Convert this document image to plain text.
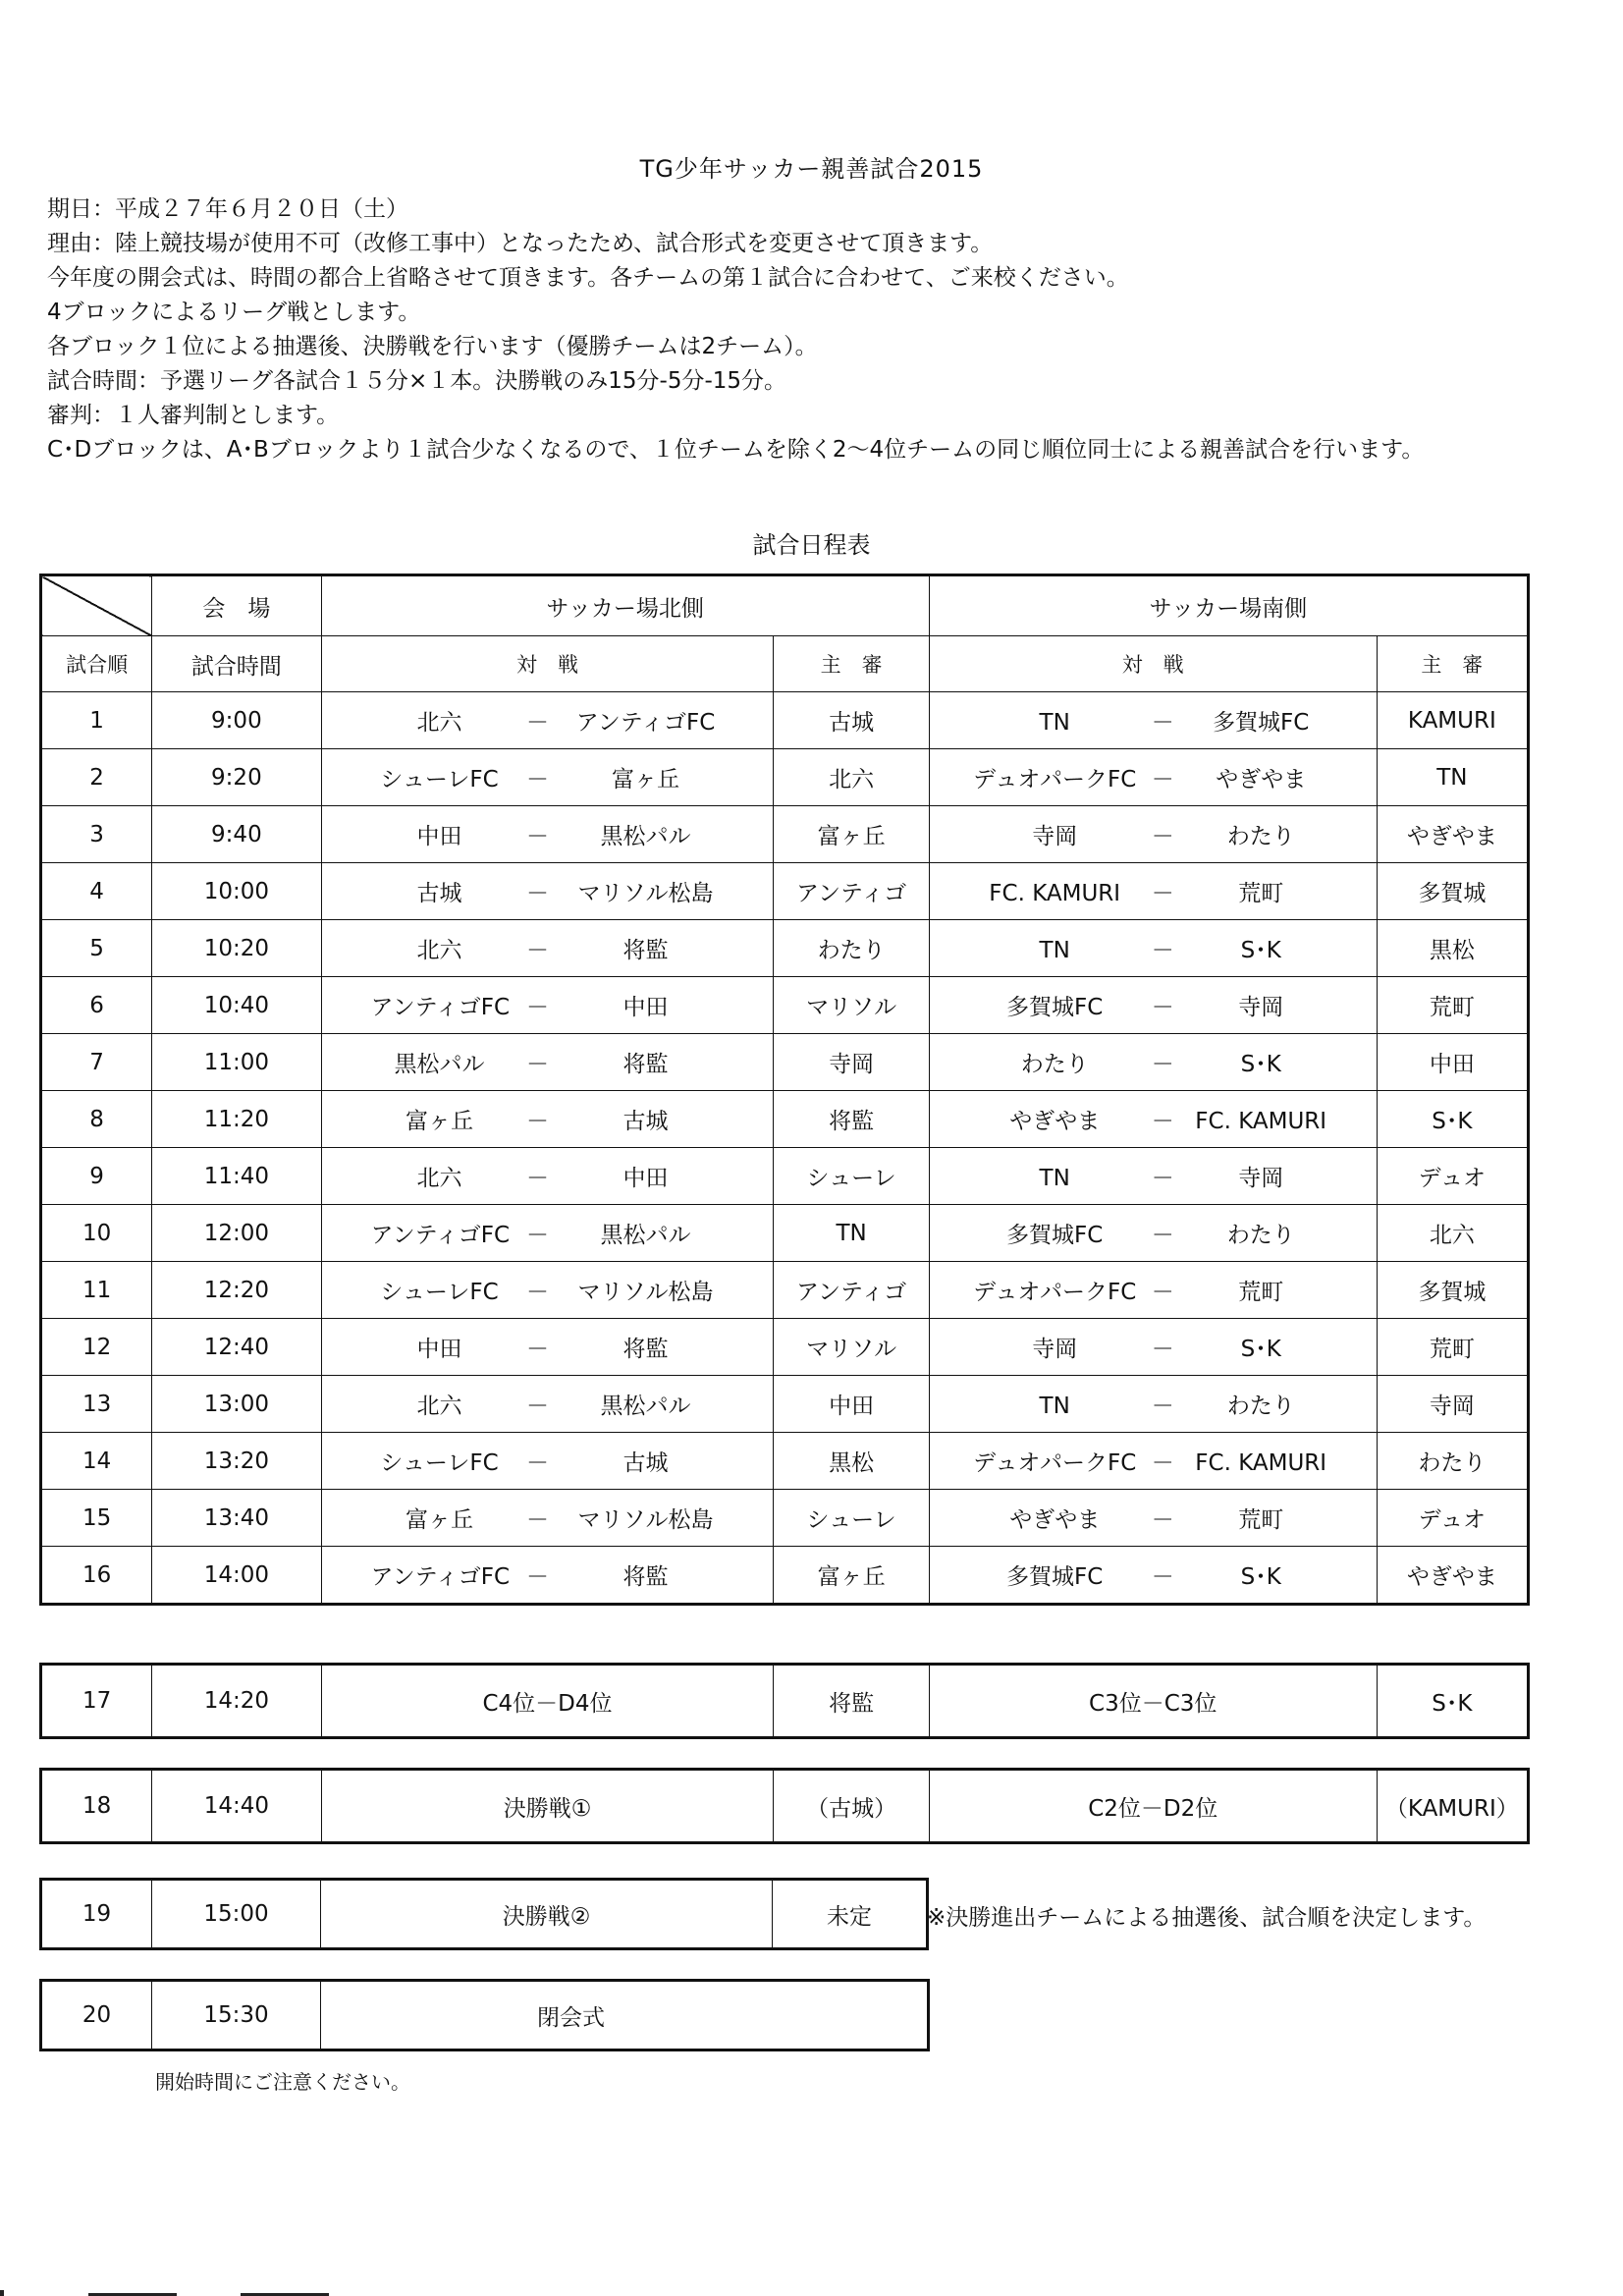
TG少年サッカー親善試合2015
期日：平成２７年６月２０日（土）
理由：陸上競技場が使用不可（改修工事中）となったため、試合形式を変更させて頂きます。
今年度の開会式は、時間の都合上省略させて頂きます。各チームの第１試合に合わせて、ご来校ください。
4ブロックによるリーグ戦とします。
各ブロック１位による抽選後、決勝戦を行います（優勝チームは2チーム）。
試合時間：予選リーグ各試合１５分×１本。決勝戦のみ15分-5分-15分。
審判：１人審判制とします。
C･Dブロックは、A･Bブロックより１試合少なくなるので、１位チームを除く2～4位チームの同じ順位同士による親善試合を行います。
試合日程表
	会　場	サッカー場北側		サッカー場南側	
試合順	試合時間	対　戦	主　審	対　戦	主　審
1	9:00	北六 － アンティゴFC	古城	TN － 多賀城FC	KAMURI
2	9:20	シューレFC － 富ヶ丘	北六	デュオパークFC － やぎやま	TN
3	9:40	中田 － 黒松パル	富ヶ丘	寺岡 － わたり	やぎやま
4	10:00	古城 － マリソル松島	アンティゴ	FC. KAMURI － 荒町	多賀城
5	10:20	北六 － 将監	わたり	TN － S･K	黒松
6	10:40	アンティゴFC － 中田	マリソル	多賀城FC － 寺岡	荒町
7	11:00	黒松パル － 将監	寺岡	わたり － S･K	中田
8	11:20	富ヶ丘 － 古城	将監	やぎやま － FC. KAMURI	S･K
9	11:40	北六 － 中田	シューレ	TN － 寺岡	デュオ
10	12:00	アンティゴFC － 黒松パル	TN	多賀城FC － わたり	北六
11	12:20	シューレFC － マリソル松島	アンティゴ	デュオパークFC － 荒町	多賀城
12	12:40	中田 － 将監	マリソル	寺岡 － S･K	荒町
13	13:00	北六 － 黒松パル	中田	TN － わたり	寺岡
14	13:20	シューレFC － 古城	黒松	デュオパークFC － FC. KAMURI	わたり
15	13:40	富ヶ丘 － マリソル松島	シューレ	やぎやま － 荒町	デュオ
16	14:00	アンティゴFC － 将監	富ヶ丘	多賀城FC － S･K	やぎやま
17	14:20	C4位－D4位	将監	C3位－C3位	S･K
18	14:40	決勝戦①	（古城）	C2位－D2位	（KAMURI）
19	15:00	決勝戦②	未定 ※決勝進出チームによる抽選後、試合順を決定します。
20	15:30	閉会式
開始時間にご注意ください。
